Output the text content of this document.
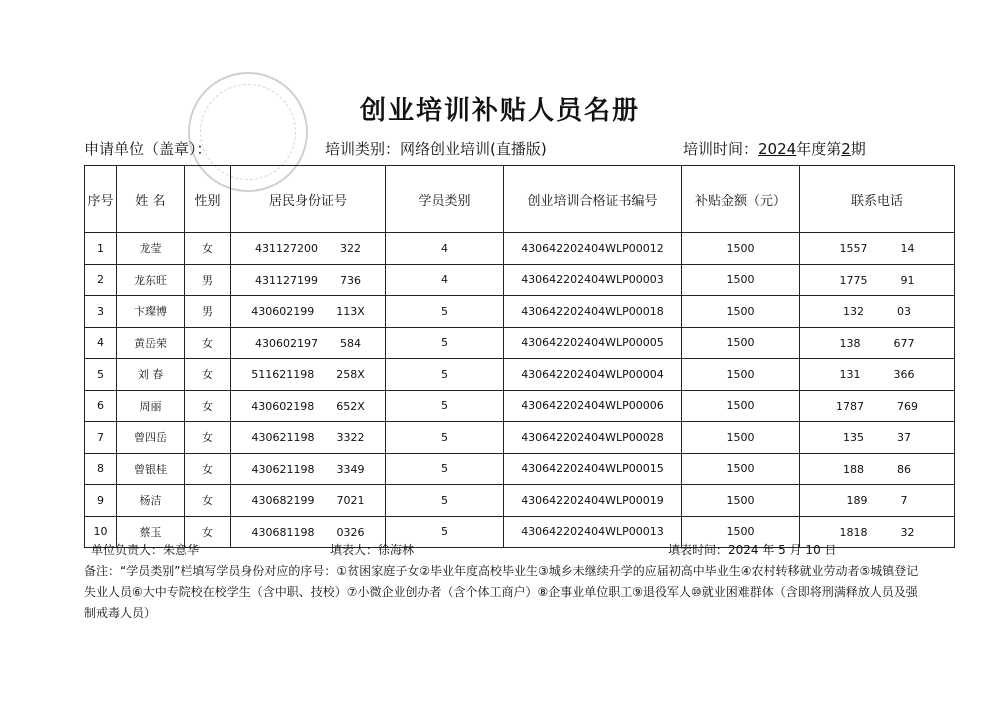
创业培训补贴人员名册
申请单位（盖章）：	培训类别：网络创业培训(直播版)	培训时间：2024年度第2期
序号	姓 名	性别	居民身份证号	学员类别	创业培训合格证书编号	补贴金额（元）	联系电话
1	龙莹	女	431127200　　322	4	430642202404WLP00012	1500	1557　　　14
2	龙东旺	男	431127199　　736	4	430642202404WLP00003	1500	1775　　　91
3	卞璨博	男	430602199　　113X	5	430642202404WLP00018	1500	132　　　03
4	黄岳荣	女	430602197　　584	5	430642202404WLP00005	1500	138　　　677
5	刘 春	女	511621198　　258X	5	430642202404WLP00004	1500	131　　　366
6	周丽	女	430602198　　652X	5	430642202404WLP00006	1500	1787　　　769
7	曾四岳	女	430621198　　3322	5	430642202404WLP00028	1500	135　　　37
8	曾银桂	女	430621198　　3349	5	430642202404WLP00015	1500	188　　　86
9	杨洁	女	430682199　　7021	5	430642202404WLP00019	1500	189　　　7
10	蔡玉	女	430681198　　0326	5	430642202404WLP00013	1500	1818　　　32
单位负责人：朱意华	填表人：徐海林	填表时间：2024 年 5 月 10 日
备注：“学员类别”栏填写学员身份对应的序号：①贫困家庭子女②毕业年度高校毕业生③城乡未继续升学的应届初高中毕业生④农村转移就业劳动者⑤城镇登记失业人员⑥大中专院校在校学生（含中职、技校）⑦小微企业创办者（含个体工商户）⑧企事业单位职工⑨退役军人⑩就业困难群体（含即将刑满释放人员及强制戒毒人员）
